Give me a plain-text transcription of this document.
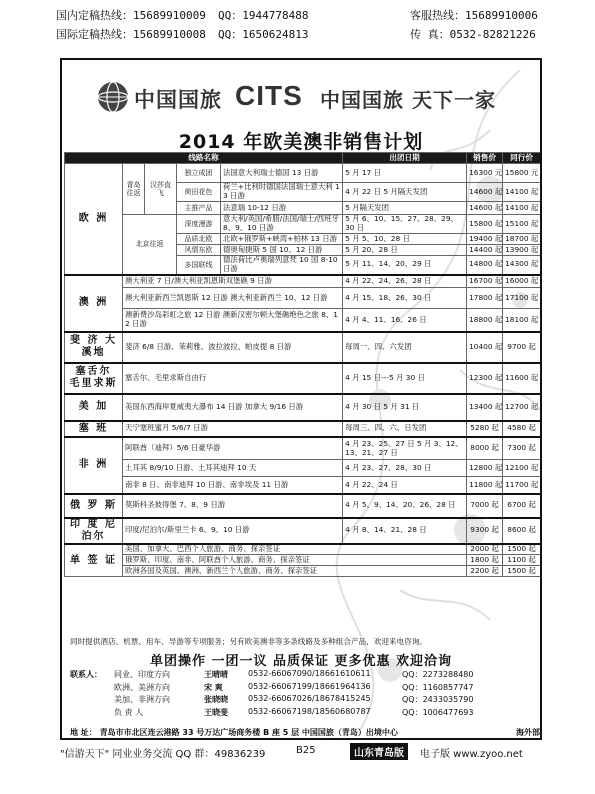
国内定稿热线：15689910009 QQ：1944778488
国际定稿热线：15689910008 QQ：1650624813
客服热线：15689910006
传 真：0532-82821226
中国国旅 CITS 中国国旅 天下一家
2014 年欧美澳非销售计划
线路名称					出团日期	销售价	同行价
欧 洲	青岛往返	汉莎直飞	独立成团	法国意大利瑞士德国 13 日游	5 月 17 日	16300 元	15800 元
			荷田花色	荷兰+比利时德国法国瑞士意大利 13 日游	4 月 22 日 5 月隔天发团	14600 起	14100 起
			主推产品	法意瑞 10-12 日游	5 月隔天发团	14600 起	14100 起
	北京往返		深度漫游	意大利/英国/希腊/法国/瑞士/西班牙 8、9、10 日游	5 月 6、10、15、27、28、29、30 日	15800 起	15100 起
			品质北欧	北欧+俄罗斯+峡湾+柏林 13 日游	5 月 5、10、28 日	19400 起	18700 起
			风情东欧	德奥匈捷斯 5 国 10、12 日游	5 月 20、28 日	14400 起	13900 起
			多国联线	德法荷比卢奥瑞列意梵 10 国 8-10 日游	5 月 11、14、20、29 日	14800 起	14300 起
澳 洲	澳大利亚 7 日/澳大利亚凯恩斯双堡礁 9 日游				4 月 22、24、26、28 日	16700 起	16000 起
	澳大利亚新西兰凯恩斯 12 日游 澳大利亚新西兰 10、12 日游				4 月 15、18、26、30 日	17800 起	17100 起
	澳新费沙岛彩虹之旅 12 日游 澳新汉密尔顿大堡礁绝色之旅 8、12 日游				4 月 4、11、16、26 日	18800 起	18100 起
斐 济 大溪地	斐济 6/8 日游、茉莉雅、波拉波拉、帕皮提 8 日游				每周一、四、六发团	10400 起	9700 起
塞舌尔 毛里求斯	塞舌尔、毛里求斯自由行				4 月 15 日---5 月 30 日	12300 起	11600 起
美 加	美国东西海岸夏威夷大瀑布 14 日游 加拿大 9/16 日游				4 月 30 日 5 月 31 日	13400 起	12700 起
塞 班	天宁塞班蜜月 5/6/7 日游				每周三、四、六、日发团	5280 起	4580 起
非 洲	阿联酋（迪拜）5/6 日豪华游				4 月 23、25、27 日 5 月 3、12、13、21、27 日	8000 起	7300 起
	土耳其 8/9/10 日游、土耳其迪拜 10 天				4 月 23、27、28、30 日	12800 起	12100 起
	南非 8 日、南非迪拜 10 日游、南非埃及 11 日游				4 月 22、24 日	11800 起	11700 起
俄 罗 斯	莫斯科圣彼得堡 7、8、9 日游				4 月 5、9、14、20、26、28 日	7000 起	6700 起
印 度 尼泊尔	印度/尼泊尔/斯里兰卡 6、9、10 日游				4 月 8、14、21、28 日	9300 起	8600 起
单 签 证	美国、加拿大、巴西个人旅游、商务、探亲签证					2000 起	1500 起
	俄罗斯、印度、南非、阿联酋个人旅游、商务、探亲签证					1800 起	1100 起
	欧洲各国及英国、澳洲、新西兰个人旅游、商务、探亲签证					2200 起	1500 起
同时提供酒店、机票、用车、导游等专项服务；另有欧美澳非等多条线路及多种组合产品，欢迎来电咨询。
单团操作 一团一议 品质保证 更多优惠 欢迎洽询
联系人： 同业、印度方向	王晴晴	0532-66067090/18661610611	QQ：2273288480
欧洲、美洲方向	宋 爽	0532-66067199/18661964136	QQ：1160857747
美加、非洲方向	张晓晓	0532-66067026/18678415245	QQ：2433035790
负 责 人	王晓斐	0532-66067198/18560680787	QQ：1006477693
地 址： 青岛市市北区连云港路 33 号万达广场商务楼 B 座 5 层 中国国旅（青岛）出境中心	海外部
"信游天下" 同业业务交流 QQ 群：49836239	B25	山东青岛版	电子版 www.zyoo.net
